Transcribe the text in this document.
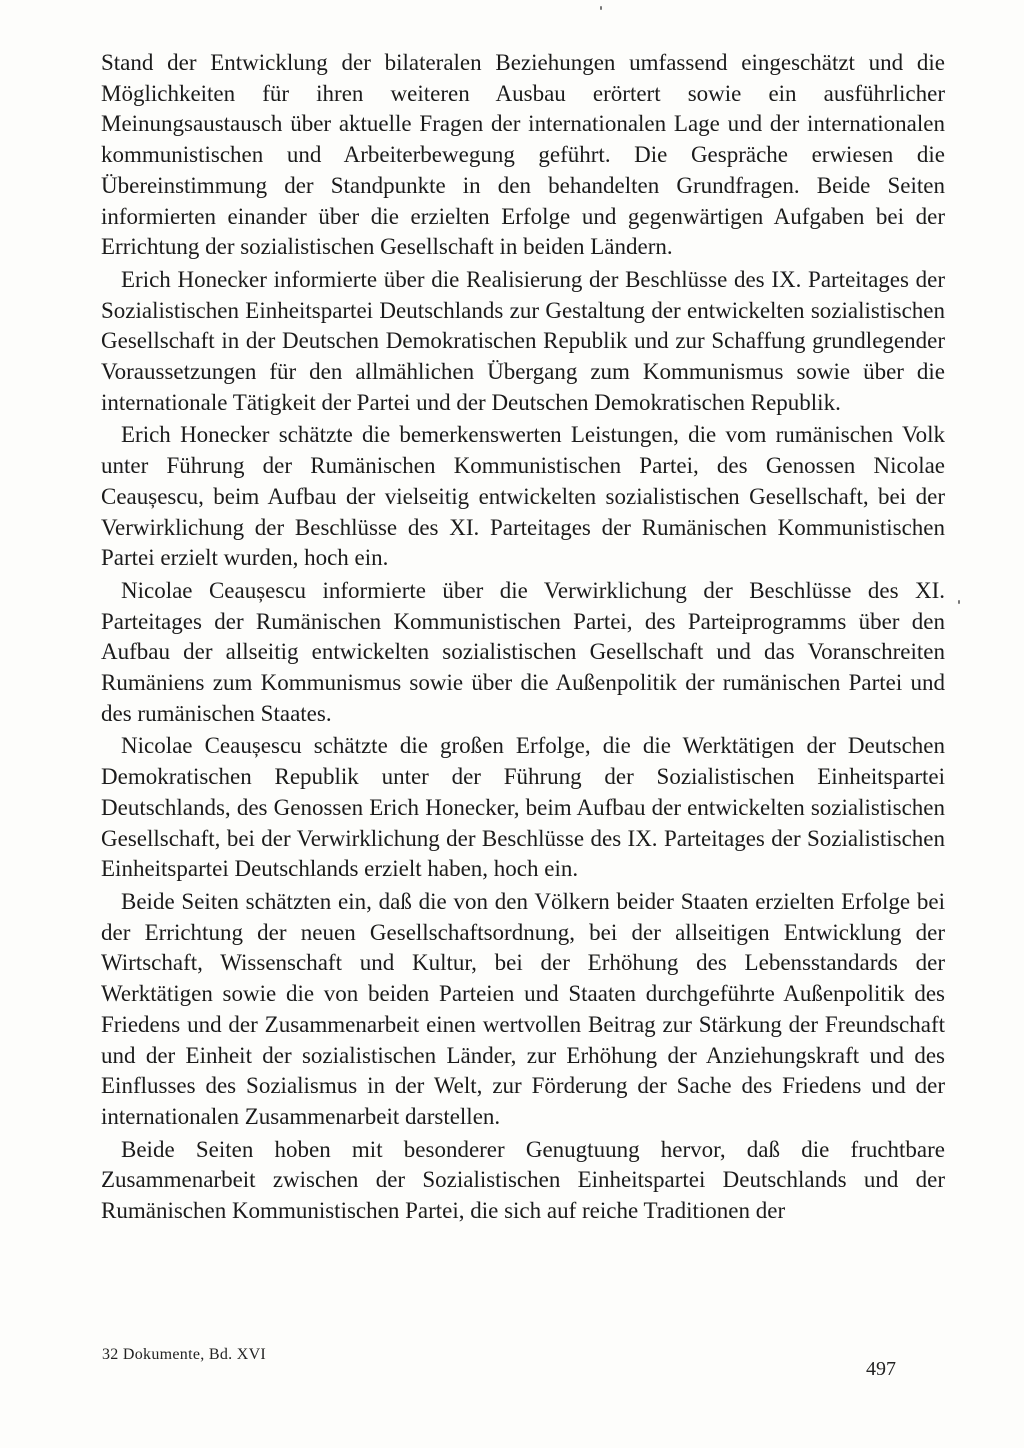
Stand der Entwicklung der bilateralen Beziehungen umfassend eingeschätzt und die Möglichkeiten für ihren weiteren Ausbau erörtert sowie ein ausführlicher Meinungsaustausch über aktuelle Fragen der internationalen Lage und der internationalen kommunistischen und Arbeiterbewegung geführt. Die Gespräche erwiesen die Übereinstimmung der Standpunkte in den behandelten Grundfragen. Beide Seiten informierten einander über die erzielten Erfolge und gegenwärtigen Aufgaben bei der Errichtung der sozialistischen Gesellschaft in beiden Ländern.

Erich Honecker informierte über die Realisierung der Beschlüsse des IX. Parteitages der Sozialistischen Einheitspartei Deutschlands zur Gestaltung der entwickelten sozialistischen Gesellschaft in der Deutschen Demokratischen Republik und zur Schaffung grundlegender Voraussetzungen für den allmählichen Übergang zum Kommunismus sowie über die internationale Tätigkeit der Partei und der Deutschen Demokratischen Republik.

Erich Honecker schätzte die bemerkenswerten Leistungen, die vom rumänischen Volk unter Führung der Rumänischen Kommunistischen Partei, des Genossen Nicolae Ceaușescu, beim Aufbau der vielseitig entwickelten sozialistischen Gesellschaft, bei der Verwirklichung der Beschlüsse des XI. Parteitages der Rumänischen Kommunistischen Partei erzielt wurden, hoch ein.

Nicolae Ceaușescu informierte über die Verwirklichung der Beschlüsse des XI. Parteitages der Rumänischen Kommunistischen Partei, des Parteiprogramms über den Aufbau der allseitig entwickelten sozialistischen Gesellschaft und das Voranschreiten Rumäniens zum Kommunismus sowie über die Außenpolitik der rumänischen Partei und des rumänischen Staates.

Nicolae Ceaușescu schätzte die großen Erfolge, die die Werktätigen der Deutschen Demokratischen Republik unter der Führung der Sozialistischen Einheitspartei Deutschlands, des Genossen Erich Honecker, beim Aufbau der entwickelten sozialistischen Gesellschaft, bei der Verwirklichung der Beschlüsse des IX. Parteitages der Sozialistischen Einheitspartei Deutschlands erzielt haben, hoch ein.

Beide Seiten schätzten ein, daß die von den Völkern beider Staaten erzielten Erfolge bei der Errichtung der neuen Gesellschaftsordnung, bei der allseitigen Entwicklung der Wirtschaft, Wissenschaft und Kultur, bei der Erhöhung des Lebensstandards der Werktätigen sowie die von beiden Parteien und Staaten durchgeführte Außenpolitik des Friedens und der Zusammenarbeit einen wertvollen Beitrag zur Stärkung der Freundschaft und der Einheit der sozialistischen Länder, zur Erhöhung der Anziehungskraft und des Einflusses des Sozialismus in der Welt, zur Förderung der Sache des Friedens und der internationalen Zusammenarbeit darstellen.

Beide Seiten hoben mit besonderer Genugtuung hervor, daß die fruchtbare Zusammenarbeit zwischen der Sozialistischen Einheitspartei Deutschlands und der Rumänischen Kommunistischen Partei, die sich auf reiche Traditionen der

32 Dokumente, Bd. XVI
497
